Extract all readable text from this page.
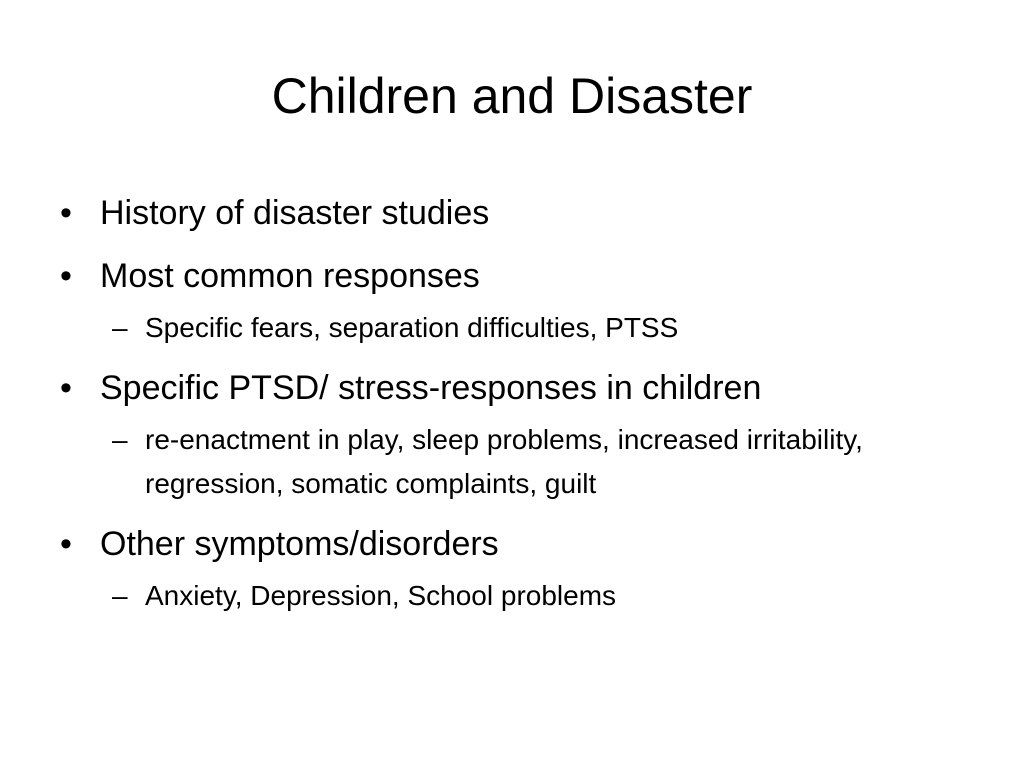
Children and Disaster
• History of disaster studies
• Most common responses
– Specific fears, separation difficulties, PTSS
• Specific PTSD/ stress-responses in children
– re-enactment in play, sleep problems, increased irritability, regression, somatic complaints, guilt
• Other symptoms/disorders
– Anxiety, Depression, School problems
